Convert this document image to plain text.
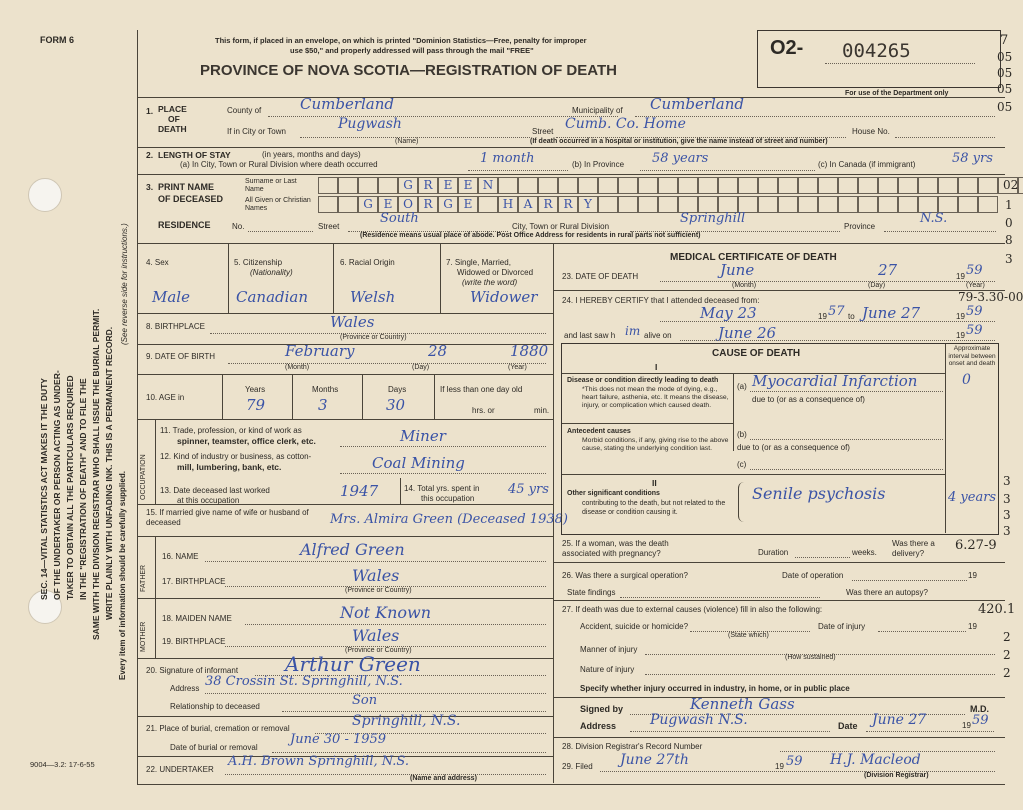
FORM 6	This form, if placed in an envelope, on which is printed "Dominion Statistics—Free, penalty for improper
use $50," and properly addressed will pass through the mail "FREE"
PROVINCE OF NOVA SCOTIA—REGISTRATION OF DEATH
O2- 004265
For use of the Department only
SEC. 14—VITAL STATISTICS ACT MAKES IT THE DUTY OF THE UNDERTAKER OR PERSON ACTING AS UNDER- TAKER TO OBTAIN ALL THE PARTICULARS REQUIRED IN THE "REGISTRATION OF DEATH" AND TO FILE THE SAME WITH THE DIVISION REGISTRAR WHO SHALL ISSUE THE BURIAL PERMIT. WRITE PLAINLY WITH UNFADING INK. THIS IS A PERMANENT RECORD. Every item of information should be carefully supplied.
(See reverse side for instructions.)
9004—3.2: 17-6-55
1. PLACE
OF
DEATH
County of	Cumberland	Municipality of Cumberland
If in City or Town	Pugwash	Street Cumb. Co. Home	House No.
(Name)	(If death occurred in a hospital or institution, give the name instead of street and number)
2. LENGTH OF STAY	(in years, months and days)
(a) In City, Town or Rural Division where death occurred	1 month	(b) In Province 58 years	(c) In Canada (if immigrant)	58 yrs
3. PRINT NAME
OF DECEASED
Surname or Last Name
All Given or Christian Names
G R E E N
G E O R G E	H A R R Y
RESIDENCE	No.	Street
South
City, Town or Rural Division
Springhill
Province
N.S.
(Residence means usual place of abode. Post Office Address for residents in rural parts not sufficient)
4. Sex	5. Citizenship
(Nationality)
6. Racial Origin	7. Single, Married,
Widowed or Divorced
(write the word)
Male	Canadian	Welsh	Widower
8. BIRTHPLACE	Wales
(Province or Country)
9. DATE OF BIRTH	February	28	1880
(Month)	(Day)	(Year)
10. AGE in
Years	Months	Days	If less than one day old
79	3	30	hrs. or	min.
OCCUPATION
11. Trade, profession, or kind of work as
spinner, teamster, office clerk, etc.	Miner
12. Kind of industry or business, as cotton-
mill, lumbering, bank, etc.	Coal Mining
13. Date deceased last worked
at this occupation
1947	14. Total yrs. spent in
this occupation
45 yrs
15. If married give name of wife or husband of deceased	Mrs. Almira Green (Deceased 1938)
FATHER
16. NAME	Alfred Green
17. BIRTHPLACE	Wales
(Province or Country)
MOTHER
18. MAIDEN NAME	Not Known
19. BIRTHPLACE	Wales
(Province or Country)
20. Signature of informant Arthur Green
Address 38 Crossin St. Springhill, N.S.
Relationship to deceased	Son
21. Place of burial, cremation or removal	Springhill, N.S.
Date of burial or removal
June 30 - 1959
22. UNDERTAKER
A.H. Brown Springhill, N.S.
(Name and address)
MEDICAL CERTIFICATE OF DEATH
23. DATE OF DEATH	June	27	19 59
(Month)	(Day)	(Year)
24. I HEREBY CERTIFY that I attended deceased from:
May 23	19 57 to June 27	19 59
and last saw h im alive on	June 26	19 59
CAUSE OF DEATH	Approximate interval between onset and death
I
Disease or condition directly leading to death
*This does not mean the mode of dying, e.g., heart failure, asthenia, etc. It means the disease, injury, or complication which caused death.
(a) Myocardial Infarction	0
due to (or as a consequence of)
Antecedent causes
Morbid conditions, if any, giving rise to the above cause, stating the underlying condition last.
(b)
due to (or as a consequence of)
(c)
II
Other significant conditions
contributing to the death, but not related to the disease or condition causing it.
Senile psychosis	4 years
25. If a woman, was the death associated with pregnancy?	Duration	weeks.
Was there a delivery?
26. Was there a surgical operation?	Date of operation	19
State findings	Was there an autopsy?
27. If death was due to external causes (violence) fill in also the following:
Accident, suicide or homicide?
(State which)
Date of injury	19
Manner of injury
(How sustained)
Nature of injury
Specify whether injury occurred in industry, in home, or in public place
Signed by	Kenneth Gass	M.D.
Address Pugwash N.S.	Date June 27	19 59
28. Division Registrar's Record Number
29. Filed June 27th	19 59 H.J. Macleod
(Division Registrar)
7
05
05
05
05
02
1
0
8
3
79-3.30-00
6.27-9
420.1
2
2
2
3
3
3
3
